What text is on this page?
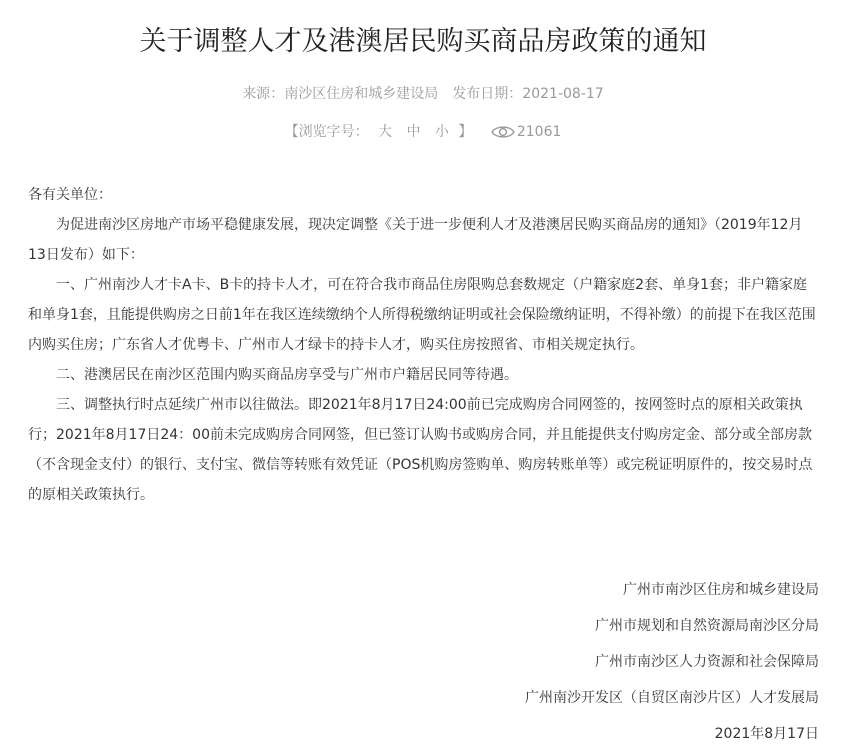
关于调整人才及港澳居民购买商品房政策的通知
来源：南沙区住房和城乡建设局 发布日期：2021-08-17
【浏览字号： 大 中 小 】	21061

各有关单位：

为促进南沙区房地产市场平稳健康发展，现决定调整《关于进一步便利人才及港澳居民购买商品房的通知》（2019年12月13日发布）如下：

一、广州南沙人才卡A卡、B卡的持卡人才，可在符合我市商品住房限购总套数规定（户籍家庭2套、单身1套；非户籍家庭和单身1套，且能提供购房之日前1年在我区连续缴纳个人所得税缴纳证明或社会保险缴纳证明，不得补缴）的前提下在我区范围内购买住房；广东省人才优粤卡、广州市人才绿卡的持卡人才，购买住房按照省、市相关规定执行。

二、港澳居民在南沙区范围内购买商品房享受与广州市户籍居民同等待遇。

三、调整执行时点延续广州市以往做法。即2021年8月17日24:00前已完成购房合同网签的，按网签时点的原相关政策执行；2021年8月17日24：00前未完成购房合同网签，但已签订认购书或购房合同，并且能提供支付购房定金、部分或全部房款（不含现金支付）的银行、支付宝、微信等转账有效凭证（POS机购房签购单、购房转账单等）或完税证明原件的，按交易时点的原相关政策执行。

广州市南沙区住房和城乡建设局
广州市规划和自然资源局南沙区分局
广州市南沙区人力资源和社会保障局
广州南沙开发区（自贸区南沙片区）人才发展局
2021年8月17日
